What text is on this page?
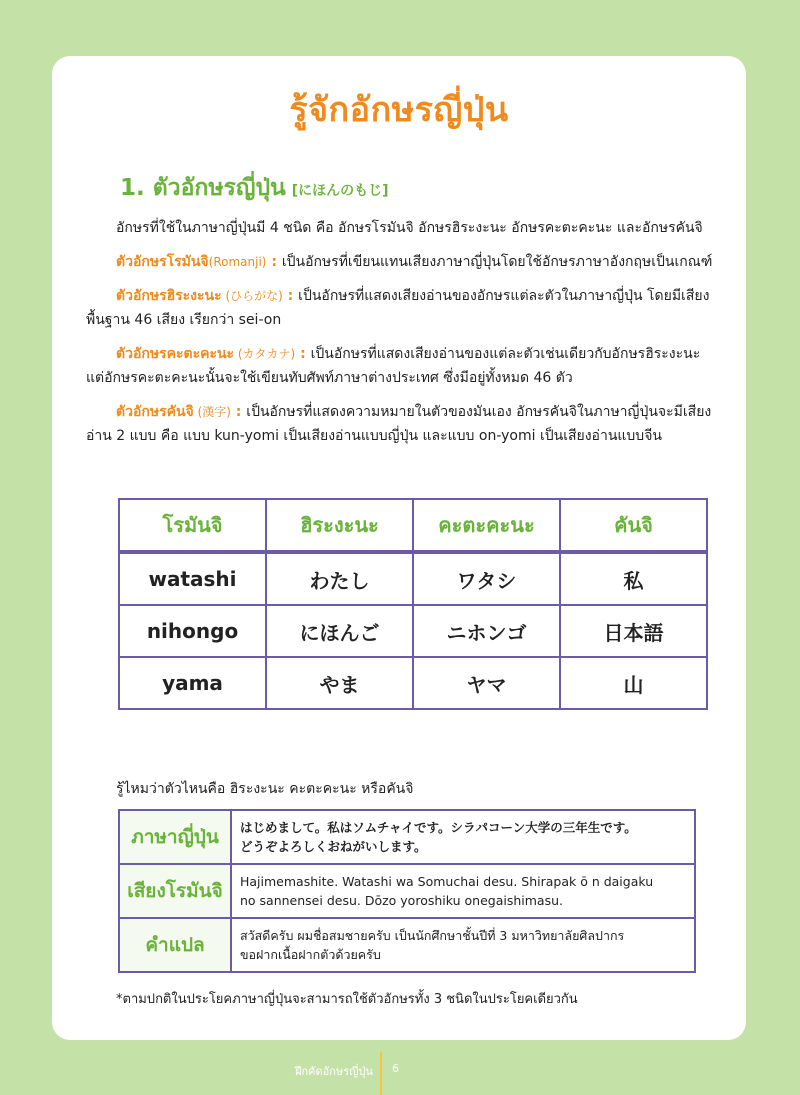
รู้จักอักษรญี่ปุ่น
1. ตัวอักษรญี่ปุ่น [にほんのもじ]

อักษรที่ใช้ในภาษาญี่ปุ่นมี 4 ชนิด คือ อักษรโรมันจิ อักษรฮิระงะนะ อักษรคะตะคะนะ และอักษรคันจิ

ตัวอักษรโรมันจิ(Romanji) : เป็นอักษรที่เขียนแทนเสียงภาษาญี่ปุ่นโดยใช้อักษรภาษาอังกฤษเป็นเกณฑ์

ตัวอักษรฮิระงะนะ (ひらがな) : เป็นอักษรที่แสดงเสียงอ่านของอักษรแต่ละตัวในภาษาญี่ปุ่น โดยมีเสียงพื้นฐาน 46 เสียง เรียกว่า sei-on

ตัวอักษรคะตะคะนะ (カタカナ) : เป็นอักษรที่แสดงเสียงอ่านของแต่ละตัวเช่นเดียวกับอักษรฮิระงะนะ แต่อักษรคะตะคะนะนั้นจะใช้เขียนทับศัพท์ภาษาต่างประเทศ ซึ่งมีอยู่ทั้งหมด 46 ตัว

ตัวอักษรคันจิ (漢字) : เป็นอักษรที่แสดงความหมายในตัวของมันเอง อักษรคันจิในภาษาญี่ปุ่นจะมีเสียงอ่าน 2 แบบ คือ แบบ kun-yomi เป็นเสียงอ่านแบบญี่ปุ่น และแบบ on-yomi เป็นเสียงอ่านแบบจีน

โรมันจิ	ฮิระงะนะ	คะตะคะนะ	คันจิ
watashi	わたし	ワタシ	私
nihongo	にほんご	ニホンゴ	日本語
yama	やま	ヤマ	山
รู้ไหมว่าตัวไหนคือ ฮิระงะนะ คะตะคะนะ หรือคันจิ
ภาษาญี่ปุ่น	はじめまして。私はソムチャイです。シラパコーン大学の三年生です。
どうぞよろしくおねがいします。

เสียงโรมันจิ	Hajimemashite. Watashi wa Somuchai desu. Shirapak ō n daigaku
no sannensei desu. Dōzo yoroshiku onegaishimasu.

คำแปล	สวัสดีครับ ผมชื่อสมชายครับ เป็นนักศึกษาชั้นปีที่ 3 มหาวิทยาลัยศิลปากร
ขอฝากเนื้อฝากตัวด้วยครับ
*ตามปกติในประโยคภาษาญี่ปุ่นจะสามารถใช้ตัวอักษรทั้ง 3 ชนิดในประโยคเดียวกัน
ฝึกคัดอักษรญี่ปุ่น 6
